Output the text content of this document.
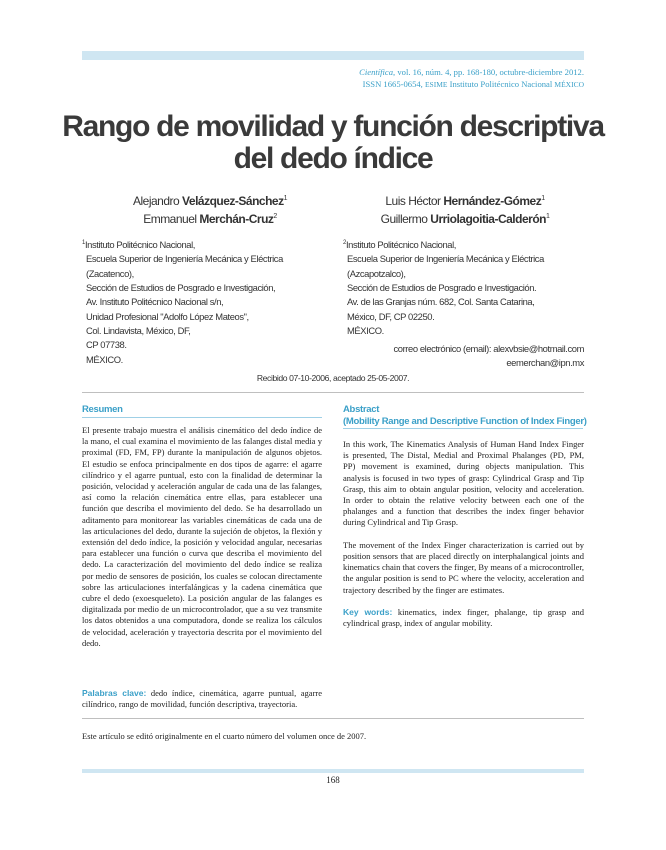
Científica, vol. 16, núm. 4, pp. 168-180, octubre-diciembre 2012.
ISSN 1665-0654, ESIME Instituto Politécnico Nacional MÉXICO
Rango de movilidad y función descriptiva
del dedo índice
Alejandro Velázquez-Sánchez$^1$
Emmanuel Merchán-Cruz$^2$
Luis Héctor Hernández-Gómez$^1$
Guillermo Urriolagoitia-Calderón$^1$
$^1$Instituto Politécnico Nacional,
Escuela Superior de Ingeniería Mecánica y Eléctrica
(Zacatenco),
Sección de Estudios de Posgrado e Investigación,
Av. Instituto Politécnico Nacional s/n,
Unidad Profesional "Adolfo López Mateos",
Col. Lindavista, México, DF,
CP 07738.
MÉXICO.
$^2$Instituto Politécnico Nacional,
Escuela Superior de Ingeniería Mecánica y Eléctrica
(Azcapotzalco),
Sección de Estudios de Posgrado e Investigación.
Av. de las Granjas núm. 682, Col. Santa Catarina,
México, DF, CP 02250.
MÉXICO.
correo electrónico (email): alexvbsie@hotmail.com
eemerchan@ipn.mx
Recibido 07-10-2006, aceptado 25-05-2007.
Resumen

El presente trabajo muestra el análisis cinemático del dedo índice de la mano, el cual examina el movimiento de las falanges distal media y proximal (FD, FM, FP) durante la manipulación de algunos objetos. El estudio se enfoca principalmente en dos tipos de agarre: el agarre cilíndrico y el agarre puntual, esto con la finalidad de determinar la posición, velocidad y aceleración angular de cada una de las falanges, así como la relación cinemática entre ellas, para establecer una función que describa el movimiento del dedo. Se ha desarrollado un aditamento para monitorear las variables cinemáticas de cada una de las articulaciones del dedo, durante la sujeción de objetos, la flexión y extensión del dedo índice, la posición y velocidad angular, necesarias para establecer una función o curva que describa el movimiento del dedo. La caracterización del movimiento del dedo índice se realiza por medio de sensores de posición, los cuales se colocan directamente sobre las articulaciones interfalángicas y la cadena cinemática que cubre el dedo (exoesqueleto). La posición angular de las falanges es digitalizada por medio de un microcontrolador, que a su vez transmite los datos obtenidos a una computadora, donde se realiza los cálculos de velocidad, aceleración y trayectoria descrita por el movimiento del dedo.

Palabras clave: dedo índice, cinemática, agarre puntual, agarre cilíndrico, rango de movilidad, función descriptiva, trayectoria.
Abstract
(Mobility Range and Descriptive Function of Index Finger)

In this work, The Kinematics Analysis of Human Hand Index Finger is presented, The Distal, Medial and Proximal Phalanges (PD, PM, PP) movement is examined, during objects manipulation. This analysis is focused in two types of grasp: Cylindrical Grasp and Tip Grasp, this aim to obtain angular position, velocity and acceleration. In order to obtain the relative velocity between each one of the phalanges and a function that describes the index finger behavior during Cylindrical and Tip Grasp.

The movement of the Index Finger characterization is carried out by position sensors that are placed directly on interphalangical joints and kinematics chain that covers the finger, By means of a microcontroller, the angular position is send to PC where the velocity, acceleration and trajectory described by the finger are estimates.

Key words: kinematics, index finger, phalange, tip grasp and cylindrical grasp, index of angular mobility.

Este artículo se editó originalmente en el cuarto número del volumen once de 2007.
168
